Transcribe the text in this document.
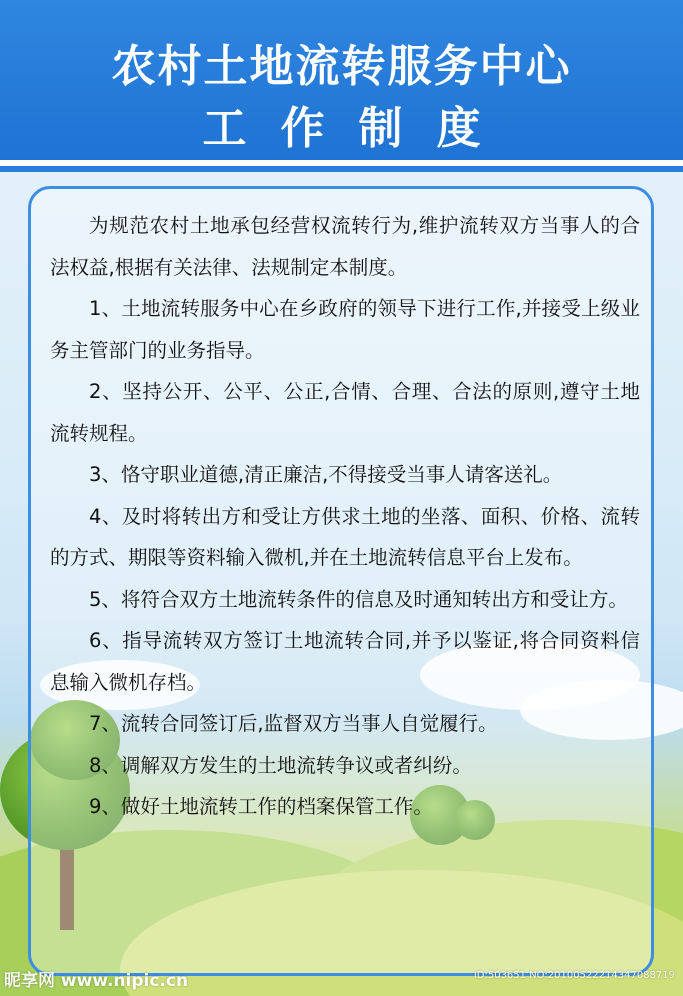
农村土地流转服务中心
工作制度

为规范农村土地承包经营权流转行为,维护流转双方当事人的合法权益,根据有关法律、法规制定本制度。

1、土地流转服务中心在乡政府的领导下进行工作,并接受上级业务主管部门的业务指导。

2、坚持公开、公平、公正,合情、合理、合法的原则,遵守土地流转规程。

3、恪守职业道德,清正廉洁,不得接受当事人请客送礼。

4、及时将转出方和受让方供求土地的坐落、面积、价格、流转的方式、期限等资料输入微机,并在土地流转信息平台上发布。

5、将符合双方土地流转条件的信息及时通知转出方和受让方。

6、指导流转双方签订土地流转合同,并予以鉴证,将合同资料信息输入微机存档。

7、流转合同签订后,监督双方当事人自觉履行。

8、调解双方发生的土地流转争议或者纠纷。

9、做好土地流转工作的档案保管工作。

昵享网 www.nipic.cn	ID:503651 NO:20100522214347088719
